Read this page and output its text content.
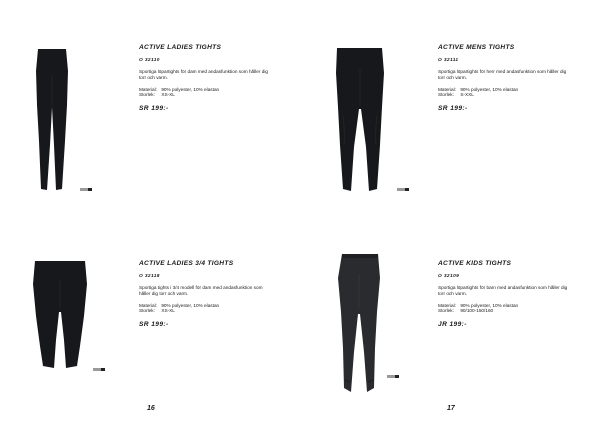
ACTIVE LADIES TIGHTS
O 32110
Sportiga löpartights för dam med andasfunktion som håller dig
torr och varm.
Material: 90% polyester, 10% elastan
Storlek: XS-XL
SR 199:-
ACTIVE MENS TIGHTS
O 32111
Sportiga löpartights för herr med andasfunktion som håller dig
torr och varm.
Material: 90% polyester, 10% elastan
Storlek: S-XXL
SR 199:-
ACTIVE LADIES 3/4 TIGHTS
O 32118
Sportiga tights i 3/4 modell för dam med andasfunktion som
håller dig torr och varm.
Material: 90% polyester, 10% elastan
Storlek: XS-XL
SR 199:-
ACTIVE KIDS TIGHTS
O 32109
Sportiga löpartights för barn med andasfunktion som håller dig
torr och varm.
Material: 90% polyester, 10% elastan
Storlek: 90/100-150/160
JR 199:-
16	17
